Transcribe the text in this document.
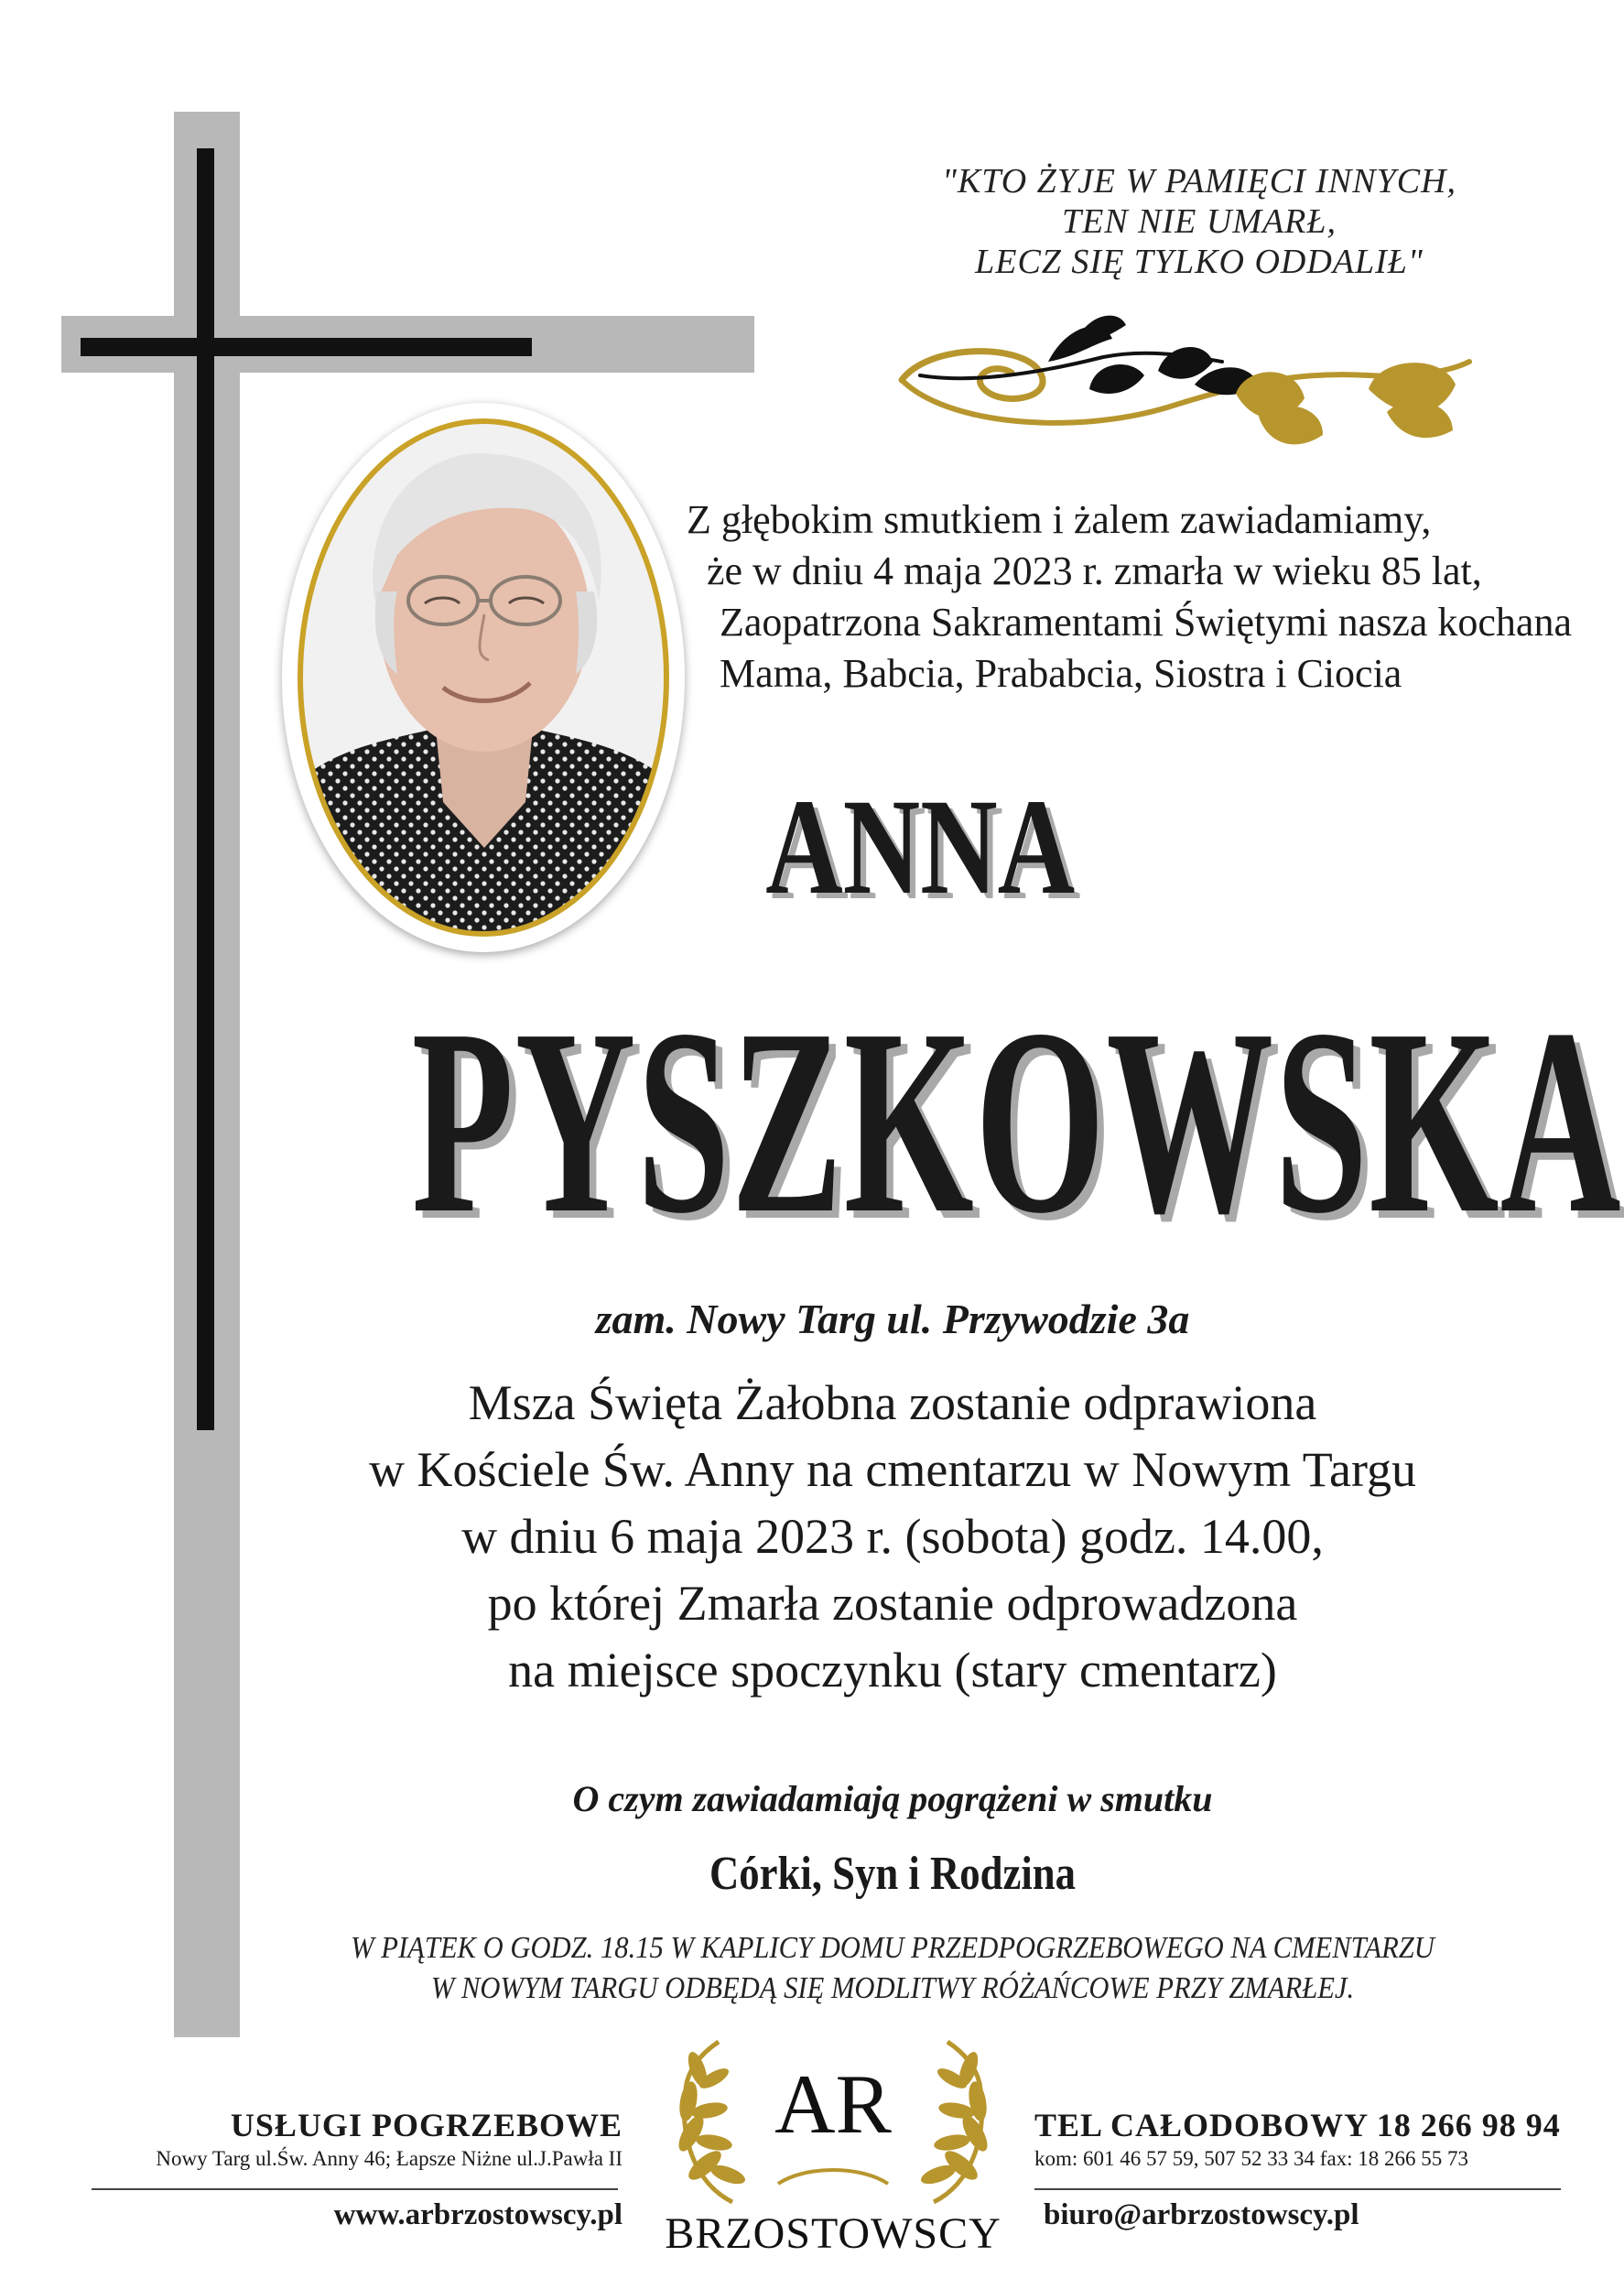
"KTO ŻYJE W PAMIĘCI INNYCH,
TEN NIE UMARŁ,
LECZ SIĘ TYLKO ODDALIŁ"
Z głębokim smutkiem i żalem zawiadamiamy,
że w dniu 4 maja 2023 r. zmarła w wieku 85 lat,
Zaopatrzona Sakramentami Świętymi nasza kochana
Mama, Babcia, Prababcia, Siostra i Ciocia
ANNA
PYSZKOWSKA
zam. Nowy Targ ul. Przywodzie 3a
Msza Święta Żałobna zostanie odprawiona
w Kościele Św. Anny na cmentarzu w Nowym Targu
w dniu 6 maja 2023 r. (sobota) godz. 14.00,
po której Zmarła zostanie odprowadzona
na miejsce spoczynku (stary cmentarz)
O czym zawiadamiają pogrążeni w smutku
Córki, Syn i Rodzina
W PIĄTEK O GODZ. 18.15 W KAPLICY DOMU PRZEDPOGRZEBOWEGO NA CMENTARZU
W NOWYM TARGU ODBĘDĄ SIĘ MODLITWY RÓŻAŃCOWE PRZY ZMARŁEJ.
USŁUGI POGRZEBOWE
Nowy Targ ul.Św. Anny 46; Łapsze Niżne ul.J.Pawła II
www.arbrzostowscy.pl
AR
BRZOSTOWSCY
TEL CAŁODOBOWY 18 266 98 94
kom: 601 46 57 59, 507 52 33 34 fax: 18 266 55 73
biuro@arbrzostowscy.pl
